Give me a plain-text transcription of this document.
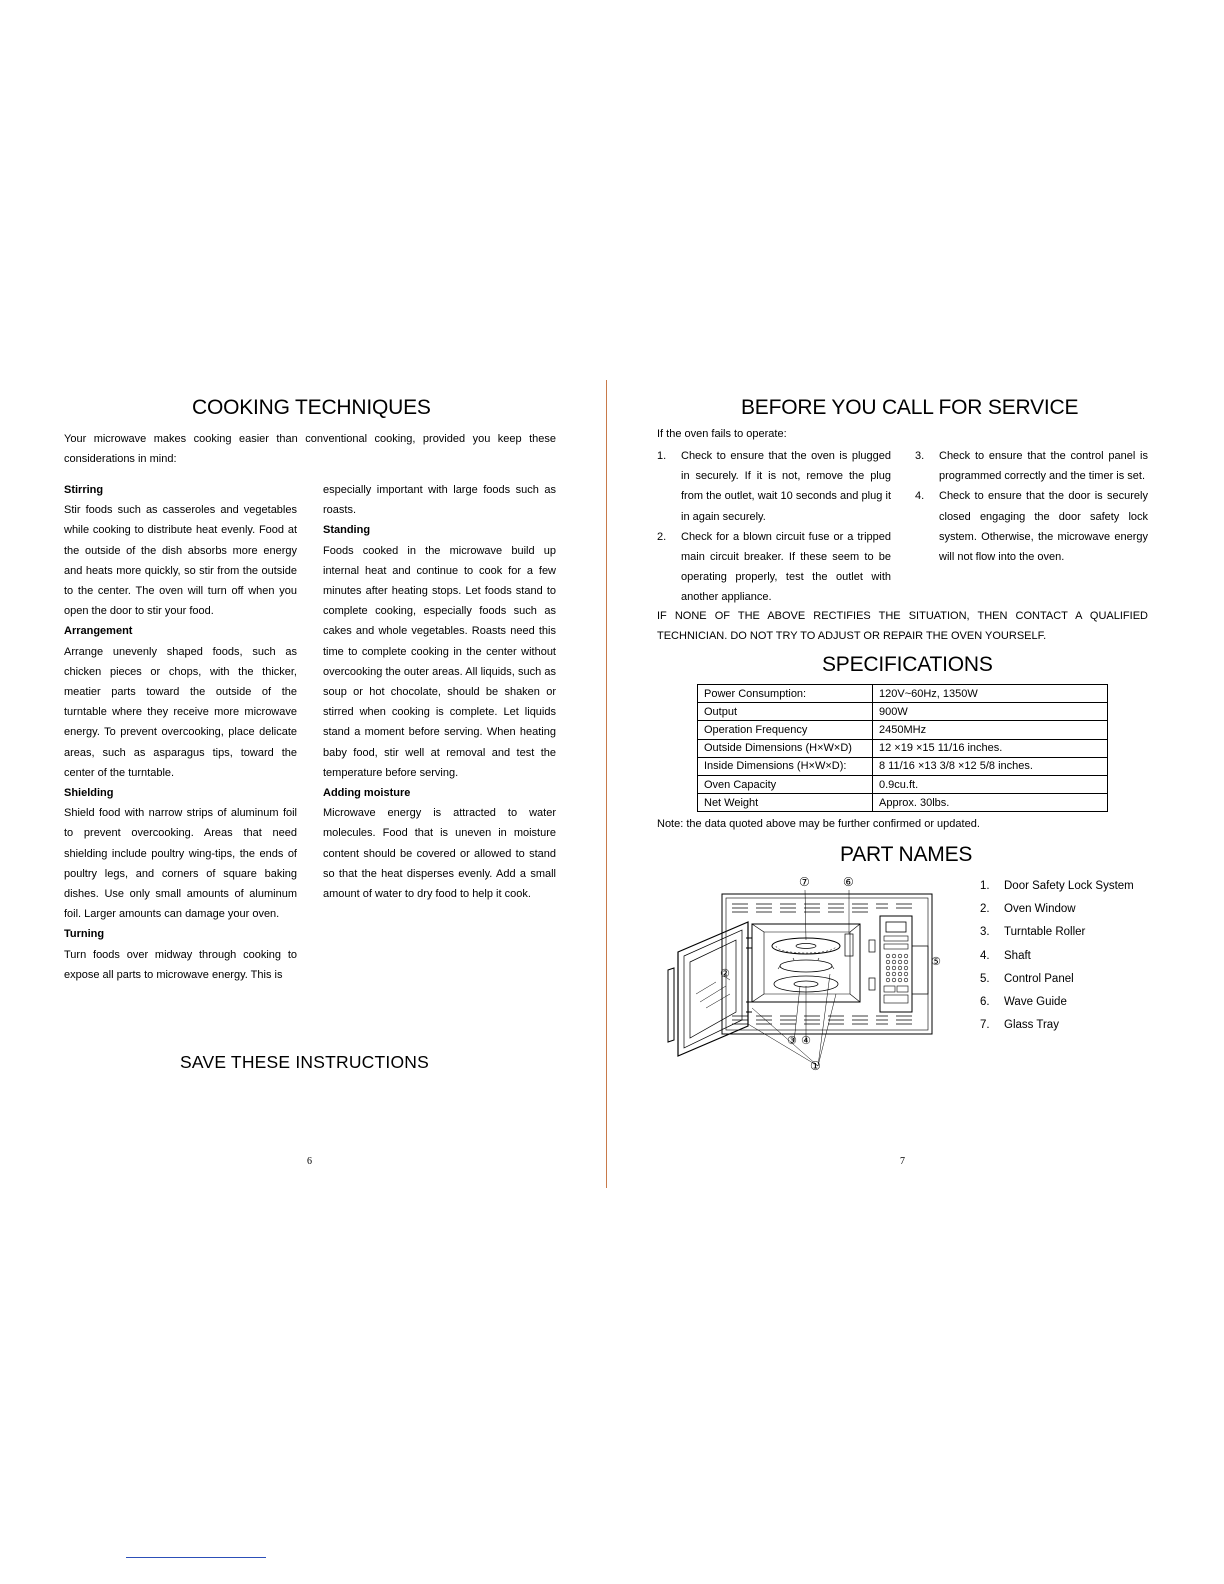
COOKING TECHNIQUES

Your microwave makes cooking easier than conventional cooking, provided you keep these considerations in mind:

Stirring
Stir foods such as casseroles and vegetables while cooking to distribute heat evenly. Food at the outside of the dish absorbs more energy and heats more quickly, so stir from the outside to the center. The oven will turn off when you open the door to stir your food.
Arrangement
Arrange unevenly shaped foods, such as chicken pieces or chops, with the thicker, meatier parts toward the outside of the turntable where they receive more microwave energy. To prevent overcooking, place delicate areas, such as asparagus tips, toward the center of the turntable.
Shielding
Shield food with narrow strips of aluminum foil to prevent overcooking. Areas that need shielding include poultry wing-tips, the ends of poultry legs, and corners of square baking dishes. Use only small amounts of aluminum foil. Larger amounts can damage your oven.
Turning
Turn foods over midway through cooking to expose all parts to microwave energy. This is
especially important with large foods such as roasts.
Standing
Foods cooked in the microwave build up internal heat and continue to cook for a few minutes after heating stops. Let foods stand to complete cooking, especially foods such as cakes and whole vegetables. Roasts need this time to complete cooking in the center without overcooking the outer areas. All liquids, such as soup or hot chocolate, should be shaken or stirred when cooking is complete. Let liquids stand a moment before serving. When heating baby food, stir well at removal and test the temperature before serving.
Adding moisture
Microwave energy is attracted to water molecules. Food that is uneven in moisture content should be covered or allowed to stand so that the heat disperses evenly. Add a small amount of water to dry food to help it cook.
SAVE THESE INSTRUCTIONS
6
BEFORE YOU CALL FOR SERVICE
If the oven fails to operate:
1. Check to ensure that the oven is plugged in securely. If it is not, remove the plug from the outlet, wait 10 seconds and plug it in again securely.
2. Check for a blown circuit fuse or a tripped main circuit breaker. If these seem to be operating properly, test the outlet with another appliance.
3. Check to ensure that the control panel is programmed correctly and the timer is set.
4. Check to ensure that the door is securely closed engaging the door safety lock system. Otherwise, the microwave energy will not flow into the oven.

IF NONE OF THE ABOVE RECTIFIES THE SITUATION, THEN CONTACT A QUALIFIED TECHNICIAN. DO NOT TRY TO ADJUST OR REPAIR THE OVEN YOURSELF.

SPECIFICATIONS
Power Consumption:	120V~60Hz, 1350W
Output	900W
Operation Frequency	2450MHz
Outside Dimensions (H×W×D)	12 ×19 ×15 11/16 inches.
Inside Dimensions (H×W×D):	8 11/16 ×13 3/8 ×12 5/8 inches.
Oven Capacity	0.9cu.ft.
Net Weight	Approx. 30lbs.
Note: the data quoted above may be further confirmed or updated.
PART NAMES
⑦	⑥
②
⑤
③ ④
①
1. Door Safety Lock System
2. Oven Window
3. Turntable Roller
4. Shaft
5. Control Panel
6. Wave Guide
7. Glass Tray
7
